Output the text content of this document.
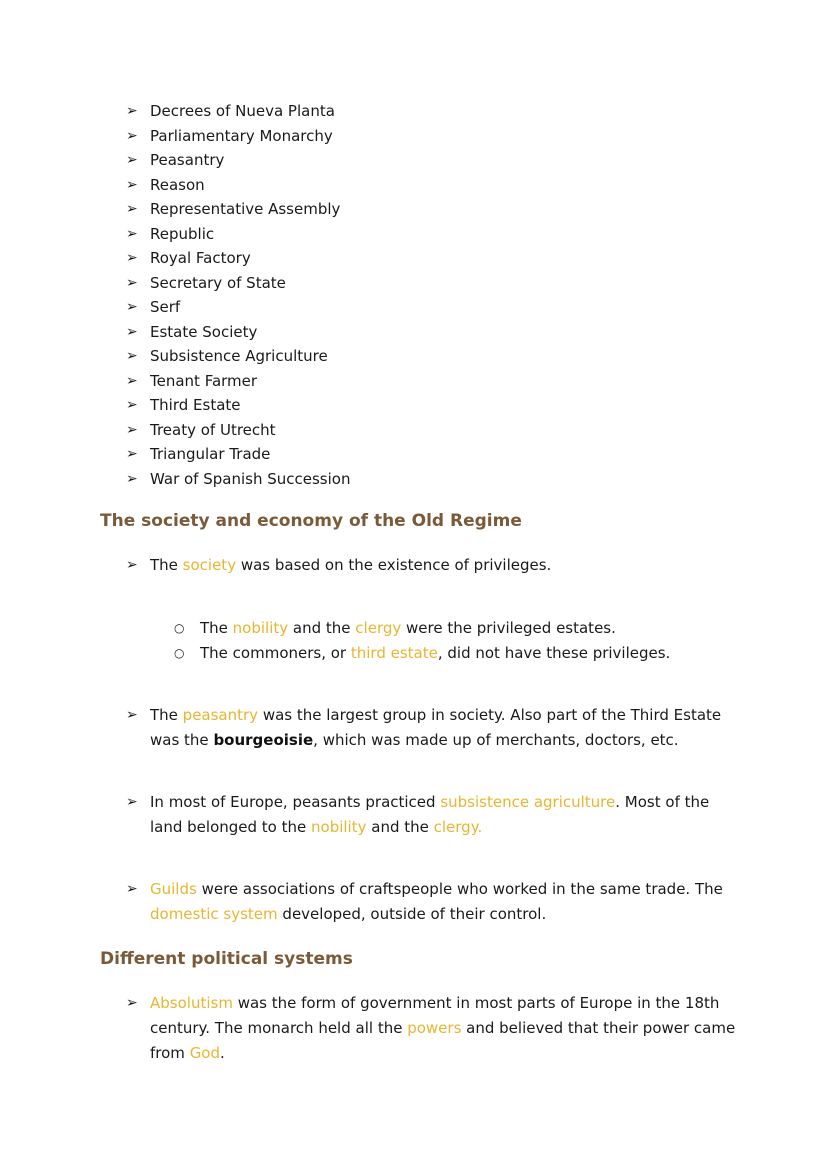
➢ Decrees of Nueva Planta
➢ Parliamentary Monarchy
➢ Peasantry
➢ Reason
➢ Representative Assembly
➢ Republic
➢ Royal Factory
➢ Secretary of State
➢ Serf
➢ Estate Society
➢ Subsistence Agriculture
➢ Tenant Farmer
➢ Third Estate
➢ Treaty of Utrecht
➢ Triangular Trade
➢ War of Spanish Succession
The society and economy of the Old Regime
➢ The society was based on the existence of privileges.
○	The nobility and the clergy were the privileged estates.
○	The commoners, or third estate, did not have these privileges.
➢ The peasantry was the largest group in society. Also part of the Third Estate was the bourgeoisie, which was made up of merchants, doctors, etc.
➢ In most of Europe, peasants practiced subsistence agriculture. Most of the land belonged to the nobility and the clergy.
➢ Guilds were associations of craftspeople who worked in the same trade. The domestic system developed, outside of their control.
Different political systems
➢ Absolutism was the form of government in most parts of Europe in the 18th century. The monarch held all the powers and believed that their power came from God.
